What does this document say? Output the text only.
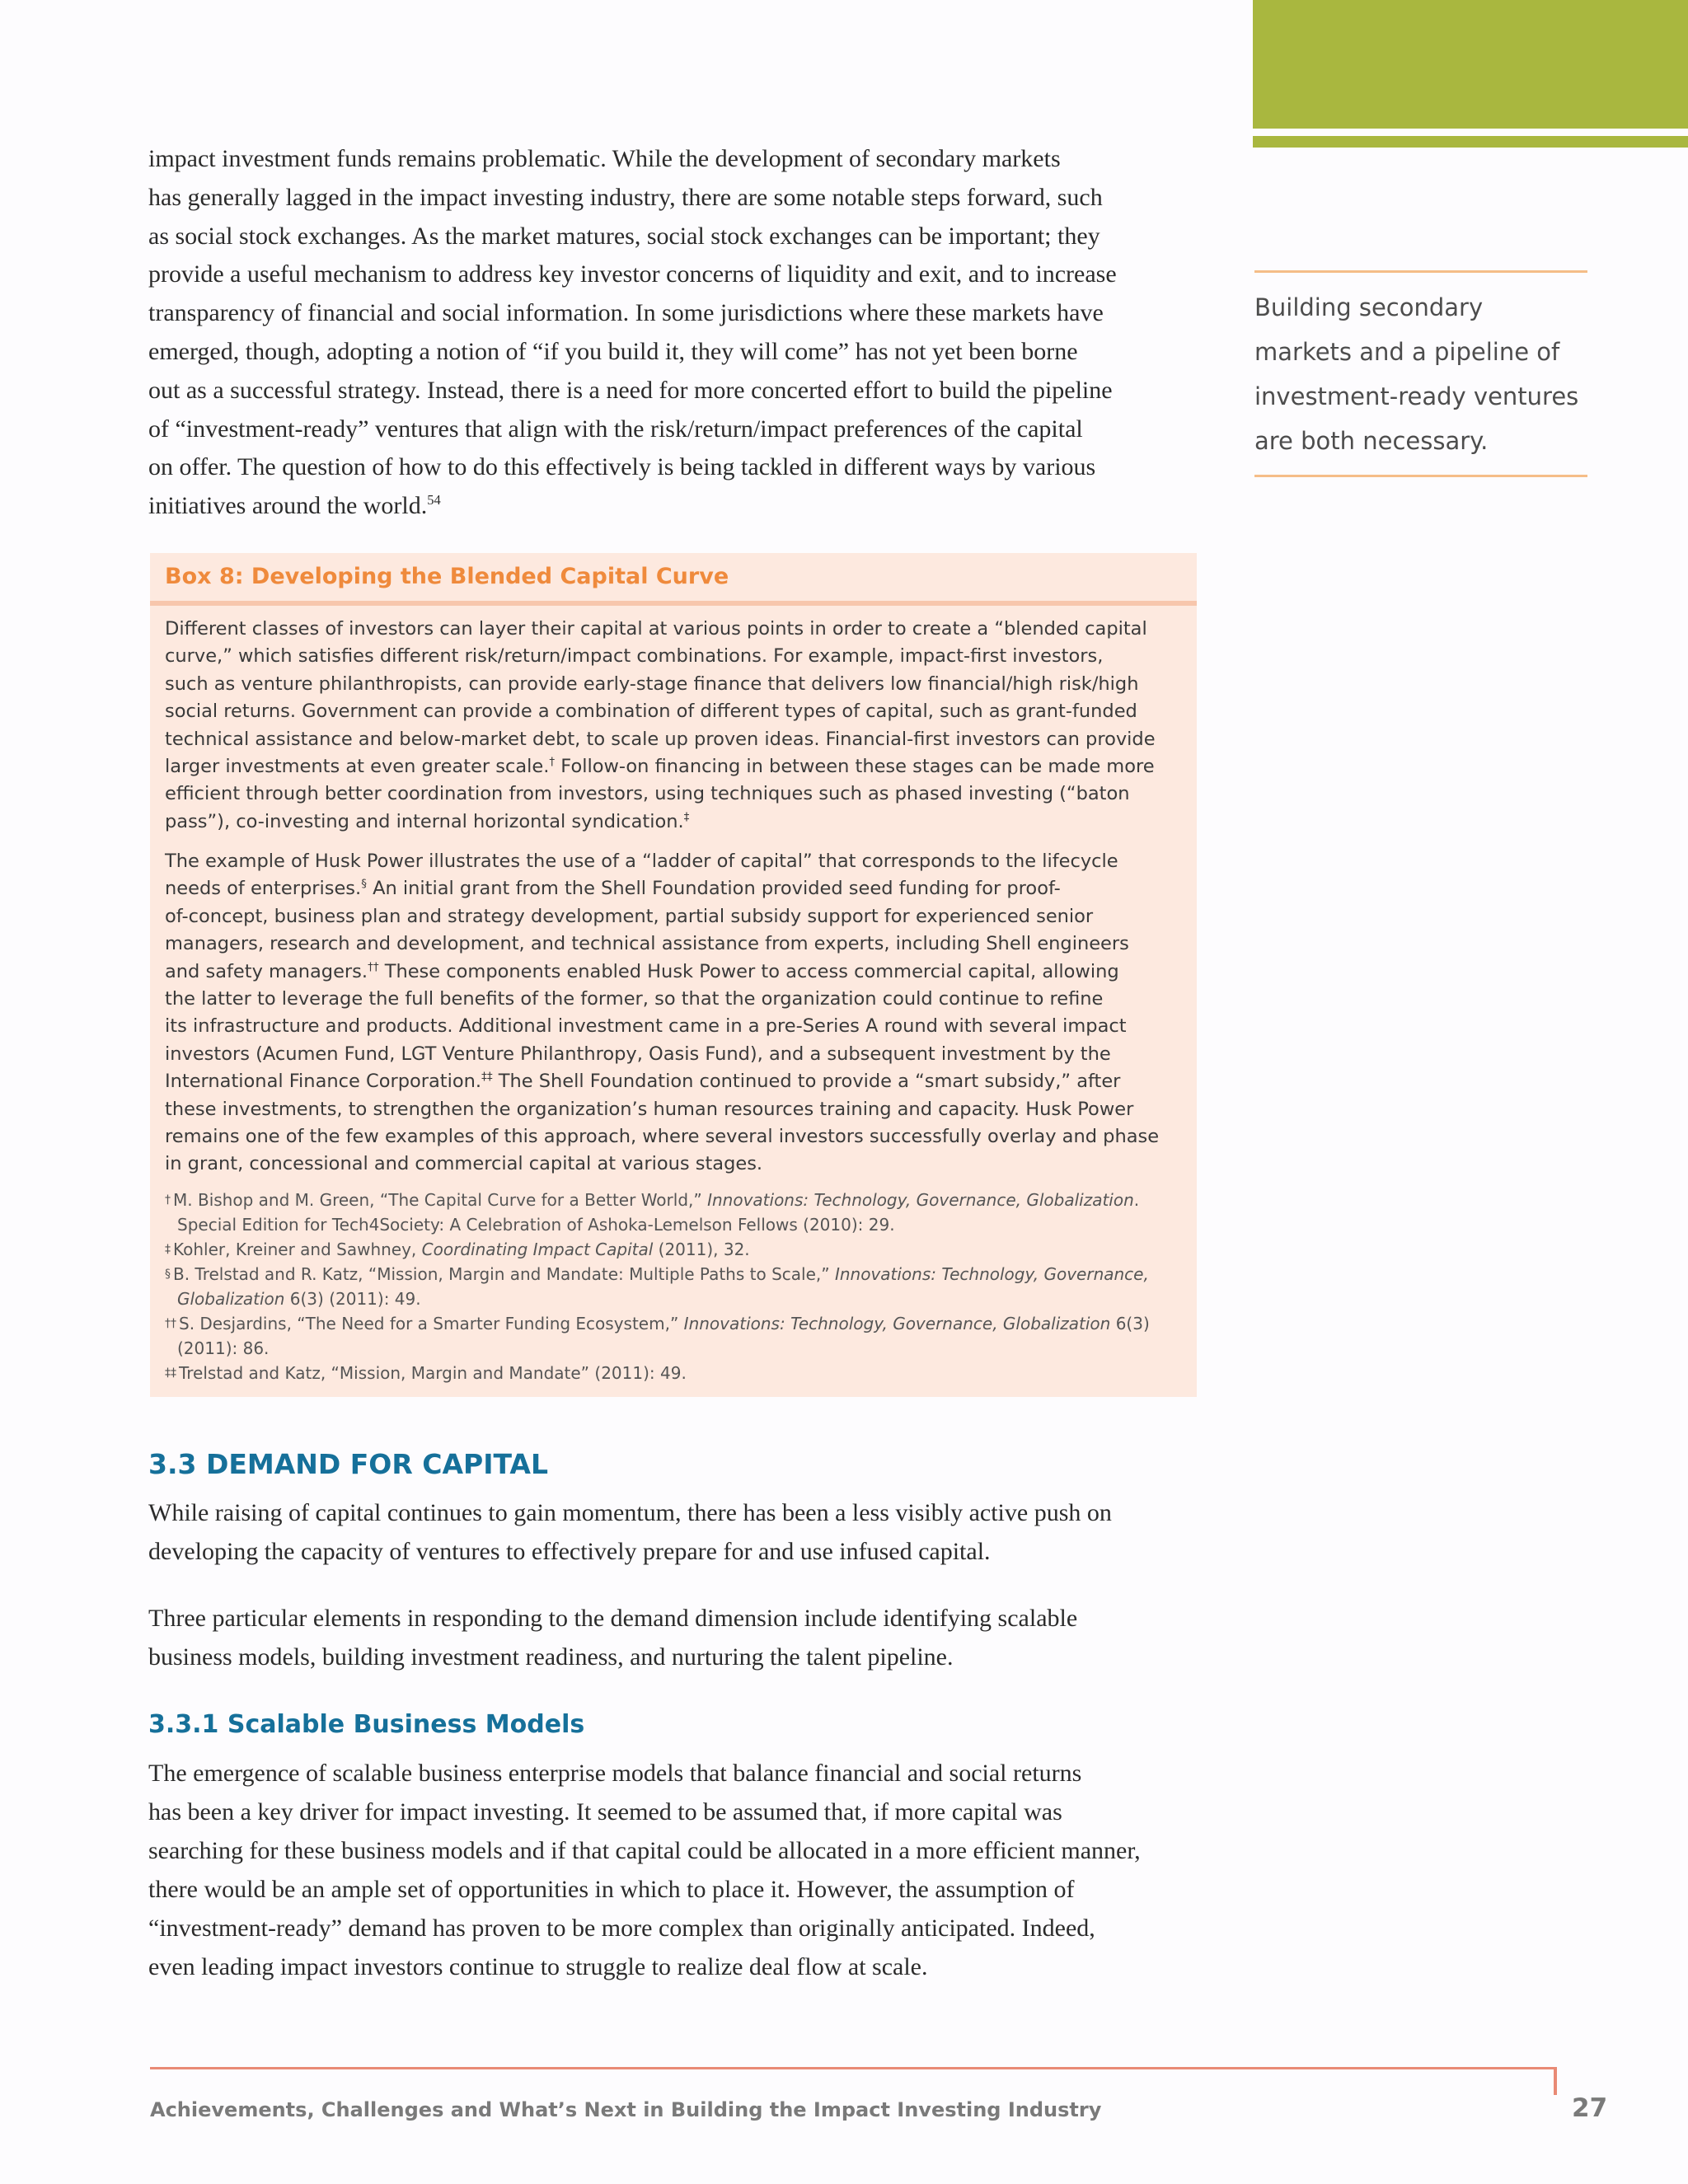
impact investment funds remains problematic. While the development of secondary markets
has generally lagged in the impact investing industry, there are some notable steps forward, such
as social stock exchanges. As the market matures, social stock exchanges can be important; they
provide a useful mechanism to address key investor concerns of liquidity and exit, and to increase
transparency of financial and social information. In some jurisdictions where these markets have
emerged, though, adopting a notion of “if you build it, they will come” has not yet been borne
out as a successful strategy. Instead, there is a need for more concerted effort to build the pipeline
of “investment-ready” ventures that align with the risk/return/impact preferences of the capital
on offer. The question of how to do this effectively is being tackled in different ways by various
initiatives around the world.$^{54}$

Building secondary
markets and a pipeline of
investment-ready ventures
are both necessary.
Box 8: Developing the Blended Capital Curve

Different classes of investors can layer their capital at various points in order to create a “blended capital
curve,” which satisfies different risk/return/impact combinations. For example, impact-first investors,
such as venture philanthropists, can provide early-stage finance that delivers low financial/high risk/high
social returns. Government can provide a combination of different types of capital, such as grant-funded
technical assistance and below-market debt, to scale up proven ideas. Financial-first investors can provide
larger investments at even greater scale.† Follow-on financing in between these stages can be made more
efficient through better coordination from investors, using techniques such as phased investing (“baton
pass”), co-investing and internal horizontal syndication.‡

The example of Husk Power illustrates the use of a “ladder of capital” that corresponds to the lifecycle
needs of enterprises.§ An initial grant from the Shell Foundation provided seed funding for proof-
of-concept, business plan and strategy development, partial subsidy support for experienced senior
managers, research and development, and technical assistance from experts, including Shell engineers
and safety managers.†† These components enabled Husk Power to access commercial capital, allowing
the latter to leverage the full benefits of the former, so that the organization could continue to refine
its infrastructure and products. Additional investment came in a pre-Series A round with several impact
investors (Acumen Fund, LGT Venture Philanthropy, Oasis Fund), and a subsequent investment by the
International Finance Corporation.‡‡ The Shell Foundation continued to provide a “smart subsidy,” after
these investments, to strengthen the organization’s human resources training and capacity. Husk Power
remains one of the few examples of this approach, where several investors successfully overlay and phase
in grant, concessional and commercial capital at various stages.

† M. Bishop and M. Green, “The Capital Curve for a Better World,” Innovations: Technology, Governance, Globalization.
Special Edition for Tech4Society: A Celebration of Ashoka-Lemelson Fellows (2010): 29.
‡ Kohler, Kreiner and Sawhney, Coordinating Impact Capital (2011), 32.
§ B. Trelstad and R. Katz, “Mission, Margin and Mandate: Multiple Paths to Scale,” Innovations: Technology, Governance,
Globalization 6(3) (2011): 49.
†† S. Desjardins, “The Need for a Smarter Funding Ecosystem,” Innovations: Technology, Governance, Globalization 6(3)
(2011): 86.
‡‡ Trelstad and Katz, “Mission, Margin and Mandate” (2011): 49.
3.3 DEMAND FOR CAPITAL

While raising of capital continues to gain momentum, there has been a less visibly active push on
developing the capacity of ventures to effectively prepare for and use infused capital.

Three particular elements in responding to the demand dimension include identifying scalable
business models, building investment readiness, and nurturing the talent pipeline.

3.3.1 Scalable Business Models

The emergence of scalable business enterprise models that balance financial and social returns
has been a key driver for impact investing. It seemed to be assumed that, if more capital was
searching for these business models and if that capital could be allocated in a more efficient manner,
there would be an ample set of opportunities in which to place it. However, the assumption of
“investment-ready” demand has proven to be more complex than originally anticipated. Indeed,
even leading impact investors continue to struggle to realize deal flow at scale.

Achievements, Challenges and What’s Next in Building the Impact Investing Industry	27
